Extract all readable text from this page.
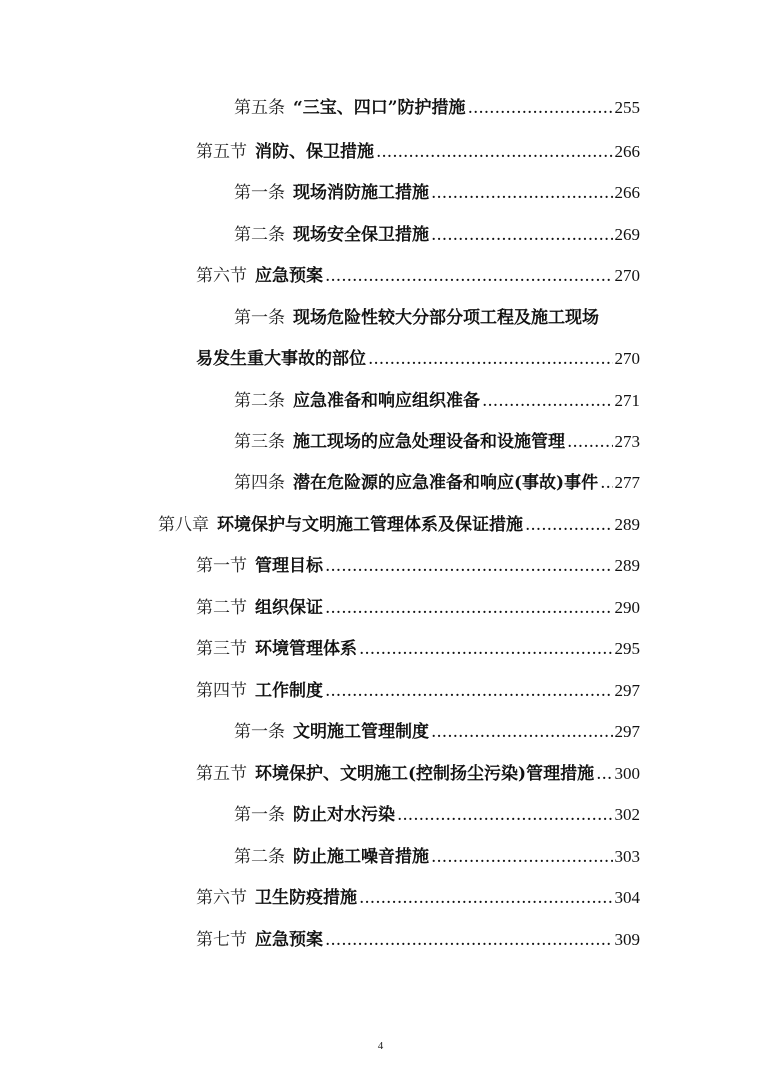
第五条 “三宝、四口”防护措施 .....	255
第五节 消防、保卫措施 .....	266
第一条 现场消防施工措施 .....	266
第二条 现场安全保卫措施 .....	269
第六节 应急预案 .....	270
第一条 现场危险性较大分部分项工程及施工现场
易发生重大事故的部位 .....	270
第二条 应急准备和响应组织准备 .....	271
第三条 施工现场的应急处理设备和设施管理 .....	273
第四条 潜在危险源的应急准备和响应(事故)事件 ..... 277
第八章 环境保护与文明施工管理体系及保证措施 .....	289
第一节 管理目标 .....	289
第二节 组织保证 .....	290
第三节 环境管理体系 .....	295
第四节 工作制度 .....	297
第一条 文明施工管理制度 .....	297
第五节 环境保护、文明施工(控制扬尘污染)管理措施 ..... 300
第一条 防止对水污染 .....	302
第二条 防止施工噪音措施 .....	303
第六节 卫生防疫措施 .....	304
第七节 应急预案 .....	309
4
